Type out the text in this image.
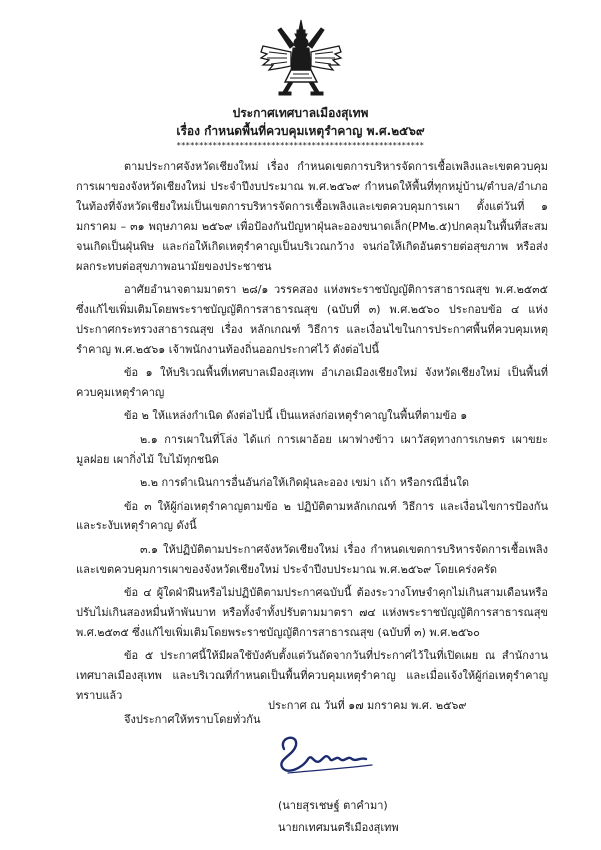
ประกาศเทศบาลเมืองสุเทพ
เรื่อง กำหนดพื้นที่ควบคุมเหตุรำคาญ พ.ศ.๒๕๖๙
*******************************************************

ตามประกาศจังหวัดเชียงใหม่ เรื่อง กำหนดเขตการบริหารจัดการเชื้อเพลิงและเขตควบคุมการเผาของจังหวัดเชียงใหม่ ประจำปีงบประมาณ พ.ศ.๒๕๖๙ กำหนดให้พื้นที่ทุกหมู่บ้าน/ตำบล/อำเภอ ในท้องที่จังหวัดเชียงใหม่เป็นเขตการบริหารจัดการเชื้อเพลิงและเขตควบคุมการเผา ตั้งแต่วันที่ ๑ มกราคม – ๓๑ พฤษภาคม ๒๕๖๙ เพื่อป้องกันปัญหาฝุ่นละอองขนาดเล็ก(PM๒.๕)ปกคลุมในพื้นที่สะสมจนเกิดเป็นฝุ่นพิษ และก่อให้เกิดเหตุรำคาญเป็นบริเวณกว้าง จนก่อให้เกิดอันตรายต่อสุขภาพ หรือส่งผลกระทบต่อสุขภาพอนามัยของประชาชน

อาศัยอำนาจตามมาตรา ๒๘/๑ วรรคสอง แห่งพระราชบัญญัติการสาธารณสุข พ.ศ.๒๕๓๕ ซึ่งแก้ไขเพิ่มเติมโดยพระราชบัญญัติการสาธารณสุข (ฉบับที่ ๓) พ.ศ.๒๕๖๐ ประกอบข้อ ๔ แห่งประกาศกระทรวงสาธารณสุข เรื่อง หลักเกณฑ์ วิธีการ และเงื่อนไขในการประกาศพื้นที่ควบคุมเหตุรำคาญ พ.ศ.๒๕๖๑ เจ้าพนักงานท้องถิ่นออกประกาศไว้ ดังต่อไปนี้

ข้อ ๑ ให้บริเวณพื้นที่เทศบาลเมืองสุเทพ อำเภอเมืองเชียงใหม่ จังหวัดเชียงใหม่ เป็นพื้นที่ควบคุมเหตุรำคาญ

ข้อ ๒ ให้แหล่งกำเนิด ดังต่อไปนี้ เป็นแหล่งก่อเหตุรำคาญในพื้นที่ตามข้อ ๑

๒.๑ การเผาในที่โล่ง ได้แก่ การเผาอ้อย เผาฟางข้าว เผาวัสดุทางการเกษตร เผาขยะมูลฝอย เผากิ่งไม้ ใบไม้ทุกชนิด

๒.๒ การดำเนินการอื่นอันก่อให้เกิดฝุ่นละออง เขม่า เถ้า หรือกรณีอื่นใด

ข้อ ๓ ให้ผู้ก่อเหตุรำคาญตามข้อ ๒ ปฏิบัติตามหลักเกณฑ์ วิธีการ และเงื่อนไขการป้องกันและระงับเหตุรำคาญ ดังนี้

๓.๑ ให้ปฏิบัติตามประกาศจังหวัดเชียงใหม่ เรื่อง กำหนดเขตการบริหารจัดการเชื้อเพลิงและเขตควบคุมการเผาของจังหวัดเชียงใหม่ ประจำปีงบประมาณ พ.ศ.๒๕๖๙ โดยเคร่งครัด

ข้อ ๔ ผู้ใดฝ่าฝืนหรือไม่ปฏิบัติตามประกาศฉบับนี้ ต้องระวางโทษจำคุกไม่เกินสามเดือนหรือปรับไม่เกินสองหมื่นห้าพันบาท หรือทั้งจำทั้งปรับตามมาตรา ๗๔ แห่งพระราชบัญญัติการสาธารณสุข พ.ศ.๒๕๓๕ ซึ่งแก้ไขเพิ่มเติมโดยพระราชบัญญัติการสาธารณสุข (ฉบับที่ ๓) พ.ศ.๒๕๖๐

ข้อ ๕ ประกาศนี้ให้มีผลใช้บังคับตั้งแต่วันถัดจากวันที่ประกาศไว้ในที่เปิดเผย ณ สำนักงานเทศบาลเมืองสุเทพ และบริเวณที่กำหนดเป็นพื้นที่ควบคุมเหตุรำคาญ และเมื่อแจ้งให้ผู้ก่อเหตุรำคาญทราบแล้ว

จึงประกาศให้ทราบโดยทั่วกัน

ประกาศ ณ วันที่ ๑๗ มกราคม พ.ศ. ๒๕๖๙
(นายสุรเชษฐ์ ตาคำมา)
นายกเทศมนตรีเมืองสุเทพ
